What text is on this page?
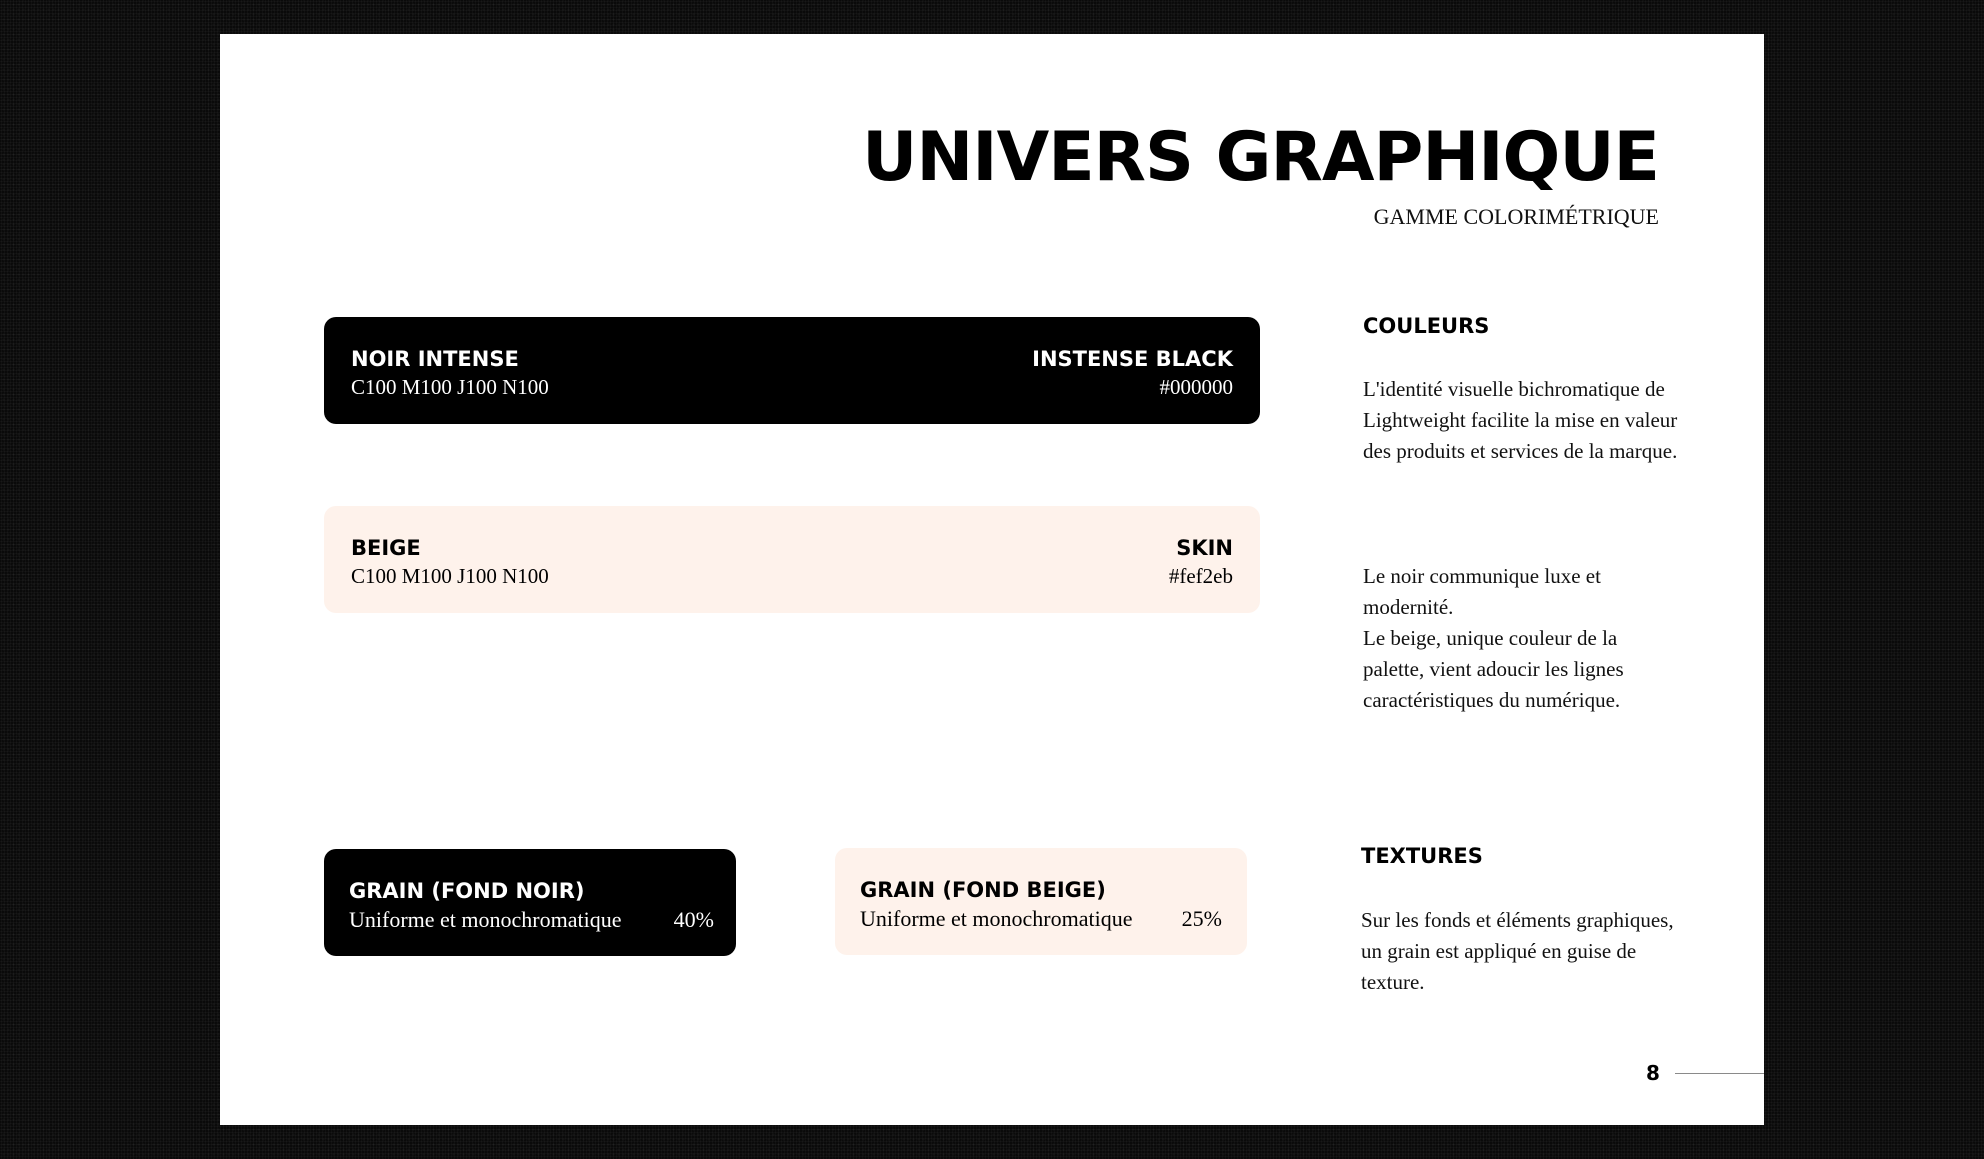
UNIVERS GRAPHIQUE
GAMME COLORIMÉTRIQUE
NOIR INTENSE	INSTENSE BLACK
C100 M100 J100 N100	#000000
BEIGE	SKIN
C100 M100 J100 N100	#fef2eb
GRAIN (FOND NOIR)
Uniforme et monochromatique 40%
GRAIN (FOND BEIGE)
Uniforme et monochromatique 25%
COULEURS

L'identité visuelle bichromatique de Lightweight facilite la mise en valeur des produits et services de la marque.

Le noir communique luxe et modernité.
Le beige, unique couleur de la palette, vient adoucir les lignes caractéristiques du numérique.

TEXTURES

Sur les fonds et éléments graphiques, un grain est appliqué en guise de texture.

8
